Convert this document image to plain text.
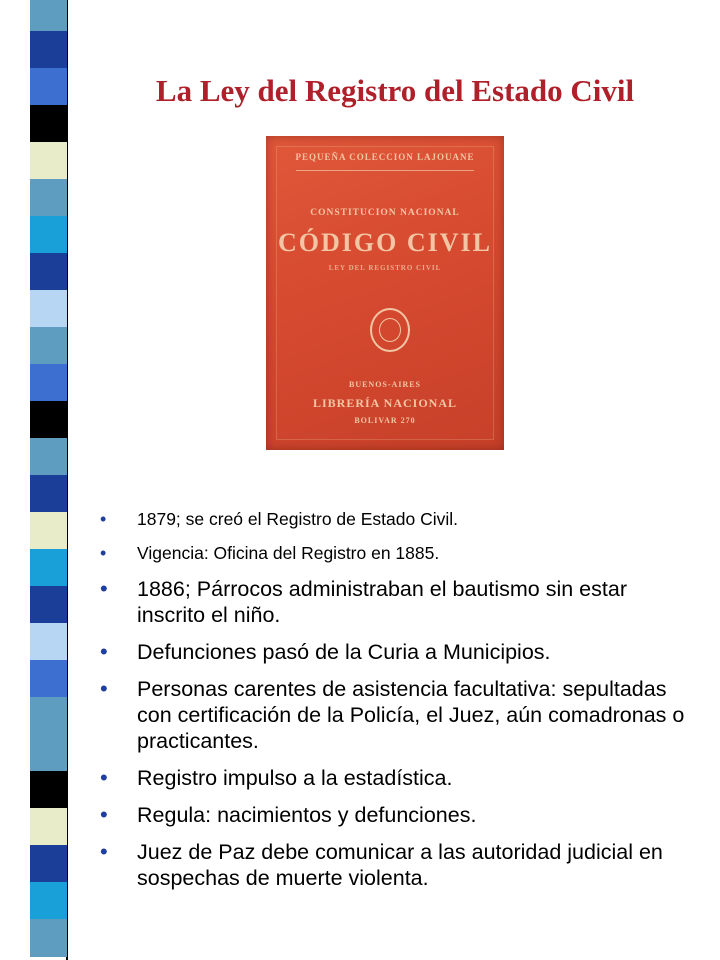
La Ley del Registro del Estado Civil
PEQUEÑA COLECCION LAJOUANE
CONSTITUCION NACIONAL
CÓDIGO CIVIL
LEY DEL REGISTRO CIVIL
BUENOS-AIRES
LIBRERÍA NACIONAL
BOLIVAR 270
• 1879; se creó el Registro de Estado Civil.
• Vigencia: Oficina del Registro en 1885.
• 1886; Párrocos administraban el bautismo sin estar inscrito el niño.
• Defunciones pasó de la Curia a Municipios.
• Personas carentes de asistencia facultativa: sepultadas con certificación de la Policía, el Juez, aún comadronas o practicantes.
• Registro impulso a la estadística.
• Regula: nacimientos y defunciones.
• Juez de Paz debe comunicar a las autoridad judicial en sospechas de muerte violenta.
